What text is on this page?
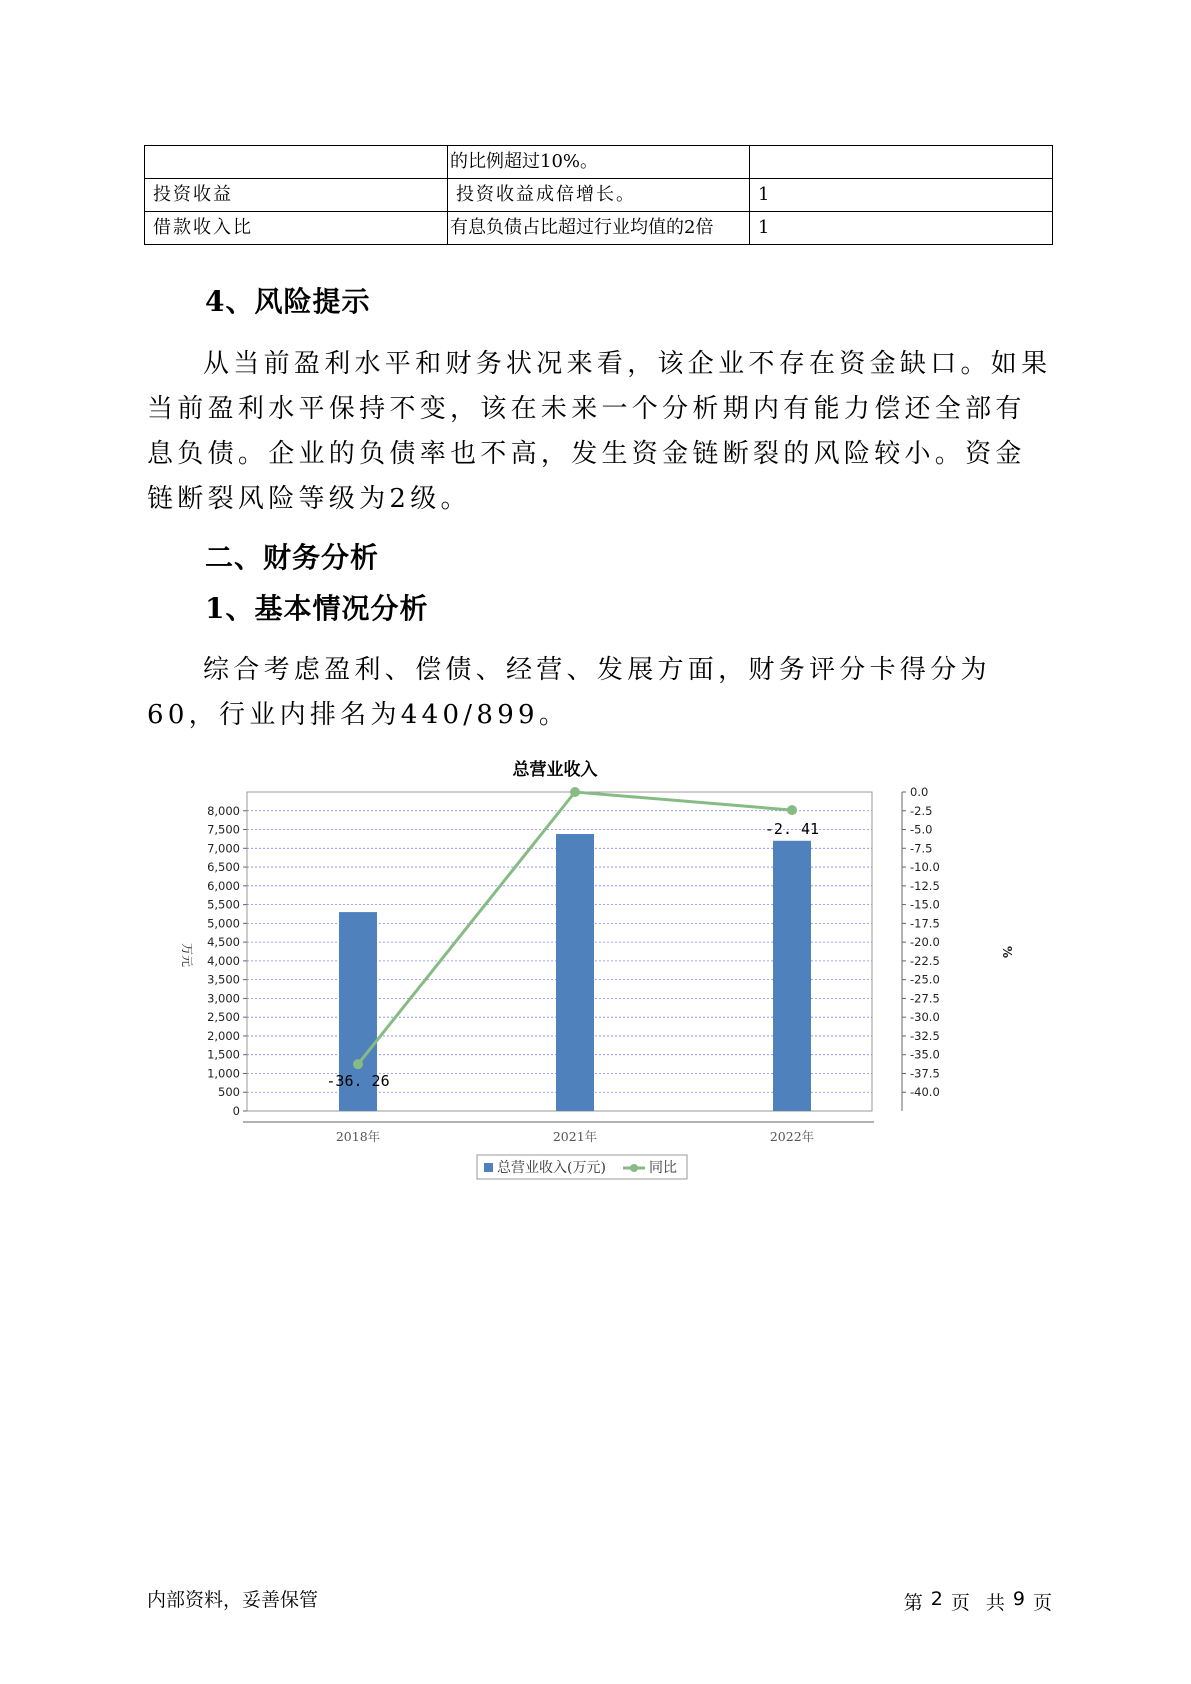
	的比例超过10%。	
投资收益	投资收益成倍增长。	1
借款收入比	有息负债占比超过行业均值的2倍	1
4、风险提示

从当前盈利水平和财务状况来看，该企业不存在资金缺口。如果当前盈利水平保持不变，该在未来一个分析期内有能力偿还全部有息负债。企业的负债率也不高，发生资金链断裂的风险较小。资金链断裂风险等级为2级。

二、财务分析
1、基本情况分析

综合考虑盈利、偿债、经营、发展方面，财务评分卡得分为60，行业内排名为440/899。

总营业收入
0
500
1,000
1,500
2,000
2,500
3,000
3,500
4,000
4,500
5,000
5,500
6,000
6,500
7,000
7,500
8,000
0.0
-2.5
-5.0
-7.5
-10.0
-12.5
-15.0
-17.5
-20.0
-22.5
-25.0
-27.5
-30.0
-32.5
-35.0
-37.5
-40.0
万元	%
2018年	2021年	2022年
-36. 26
-2. 41
总营业收入(万元)	同比
内部资料，妥善保管	第 2 页 共 9 页
